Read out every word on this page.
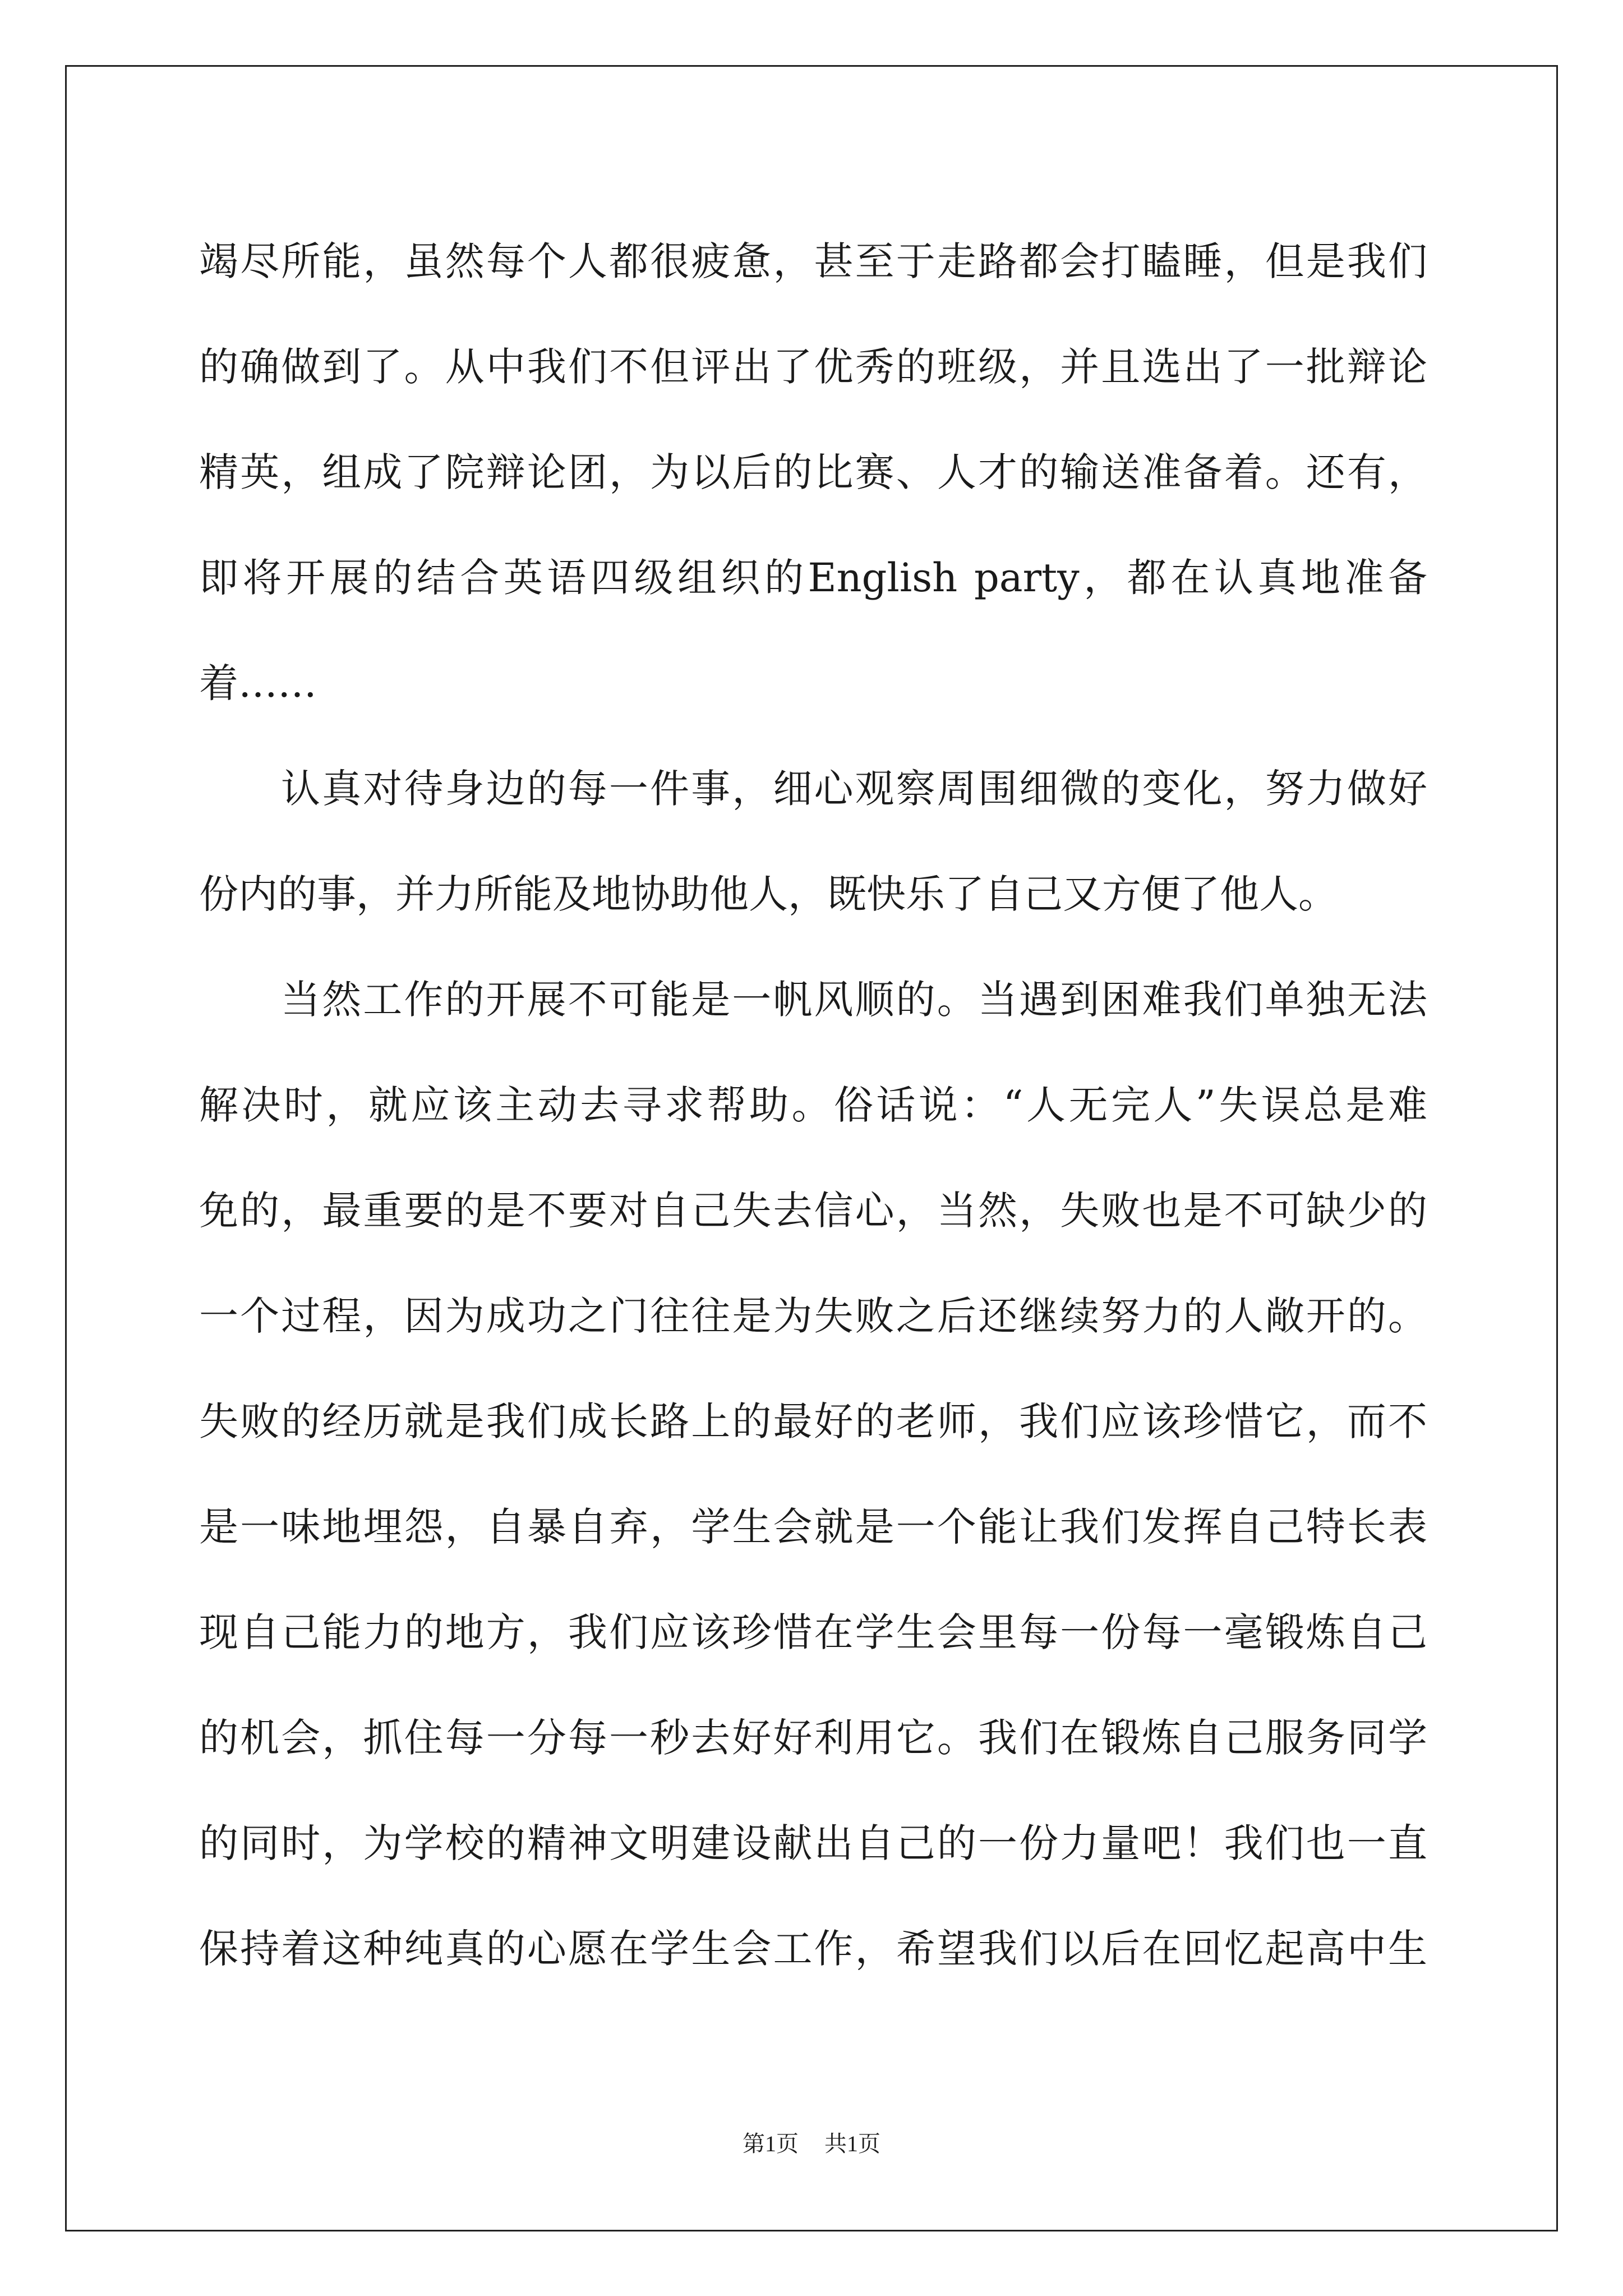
竭尽所能，虽然每个人都很疲惫，甚至于走路都会打瞌睡，但是我们
的确做到了。从中我们不但评出了优秀的班级，并且选出了一批辩论
精英，组成了院辩论团，为以后的比赛、人才的输送准备着。还有，
即将开展的结合英语四级组织的English party，都在认真地准备
着……
认真对待身边的每一件事，细心观察周围细微的变化，努力做好
份内的事，并力所能及地协助他人，既快乐了自己又方便了他人。
当然工作的开展不可能是一帆风顺的。当遇到困难我们单独无法
解决时，就应该主动去寻求帮助。俗话说：“人无完人”失误总是难
免的，最重要的是不要对自己失去信心，当然，失败也是不可缺少的
一个过程，因为成功之门往往是为失败之后还继续努力的人敞开的。
失败的经历就是我们成长路上的最好的老师，我们应该珍惜它，而不
是一味地埋怨，自暴自弃，学生会就是一个能让我们发挥自己特长表
现自己能力的地方，我们应该珍惜在学生会里每一份每一毫锻炼自己
的机会，抓住每一分每一秒去好好利用它。我们在锻炼自己服务同学
的同时，为学校的精神文明建设献出自己的一份力量吧！我们也一直
保持着这种纯真的心愿在学生会工作，希望我们以后在回忆起高中生
第1页 共1页
